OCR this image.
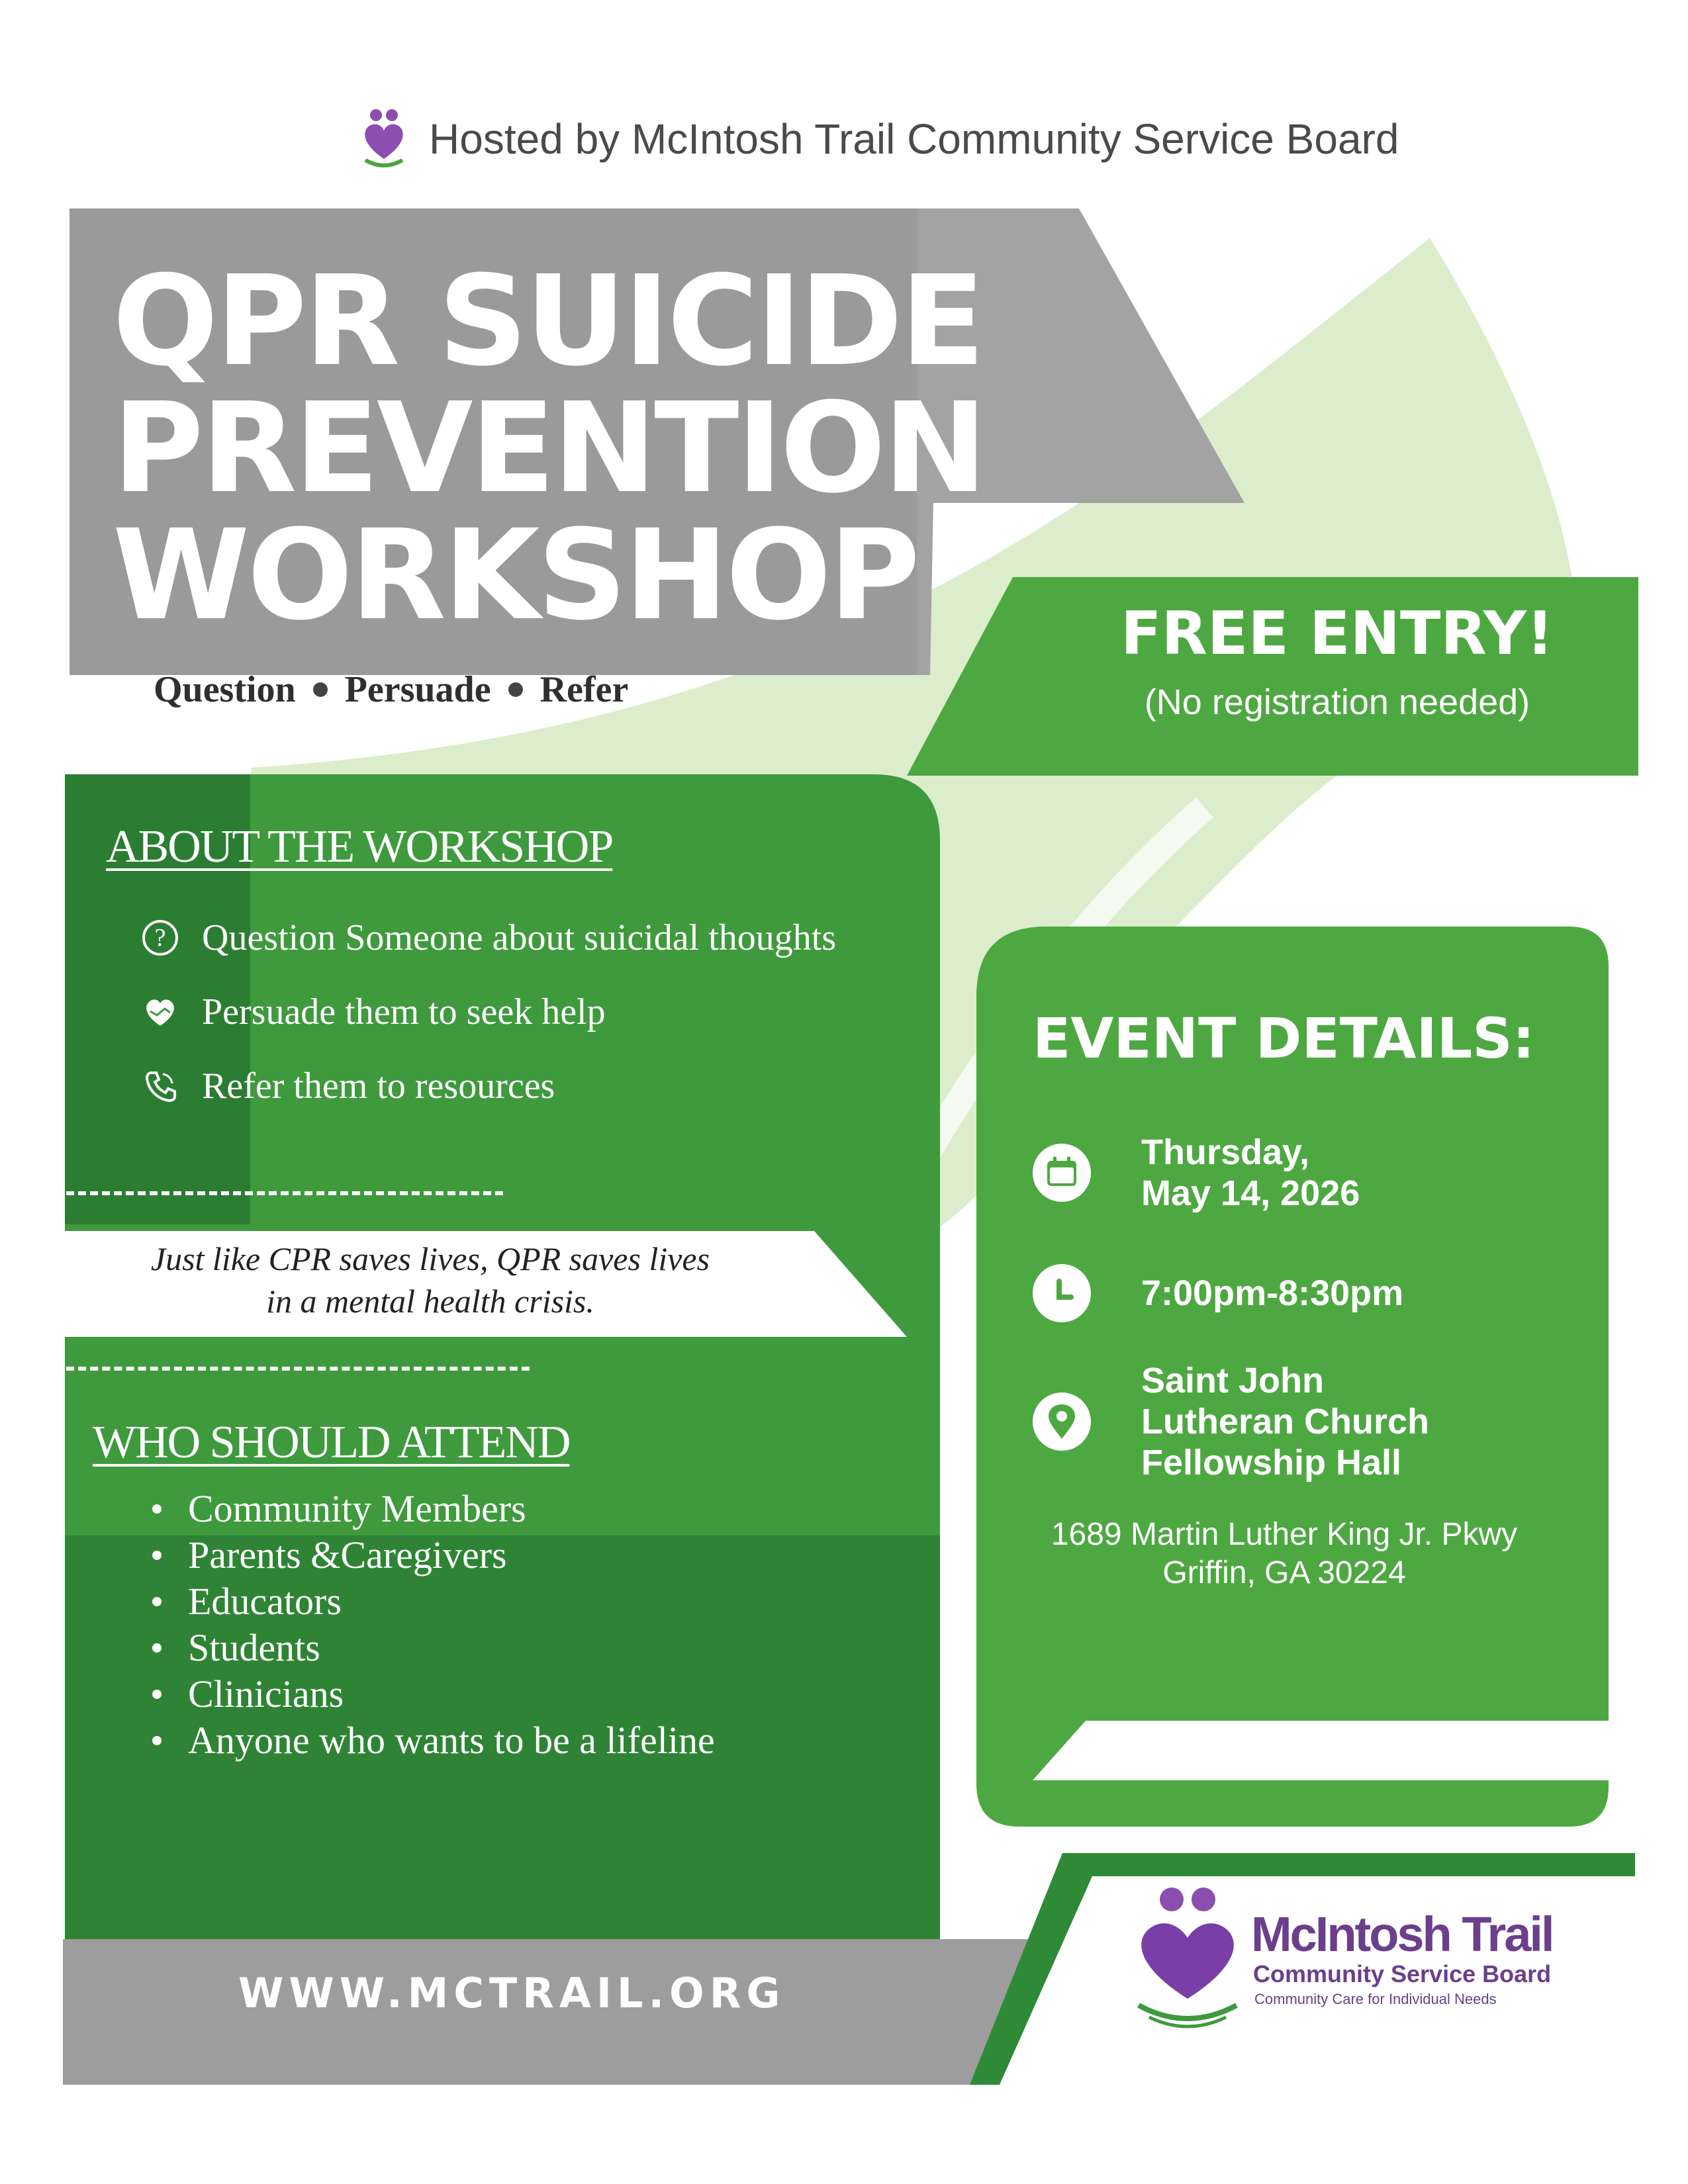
Hosted by McIntosh Trail Community Service Board
QPR SUICIDE
PREVENTION
WORKSHOP
Question Persuade Refer
FREE ENTRY!
(No registration needed)
ABOUT THE WORKSHOP
? Question Someone about suicidal thoughts
Persuade them to seek help
Refer them to resources
Just like CPR saves lives, QPR saves lives
in a mental health crisis.
WHO SHOULD ATTEND
Community Members
Parents &Caregivers
Educators
Students
Clinicians
Anyone who wants to be a lifeline
EVENT DETAILS:
Thursday,
May 14, 2026
7:00pm-8:30pm
Saint John
Lutheran Church
Fellowship Hall
1689 Martin Luther King Jr. Pkwy
Griffin, GA 30224
WWW.MCTRAIL.ORG
McIntosh Trail
Community Service Board
Community Care for Individual Needs
